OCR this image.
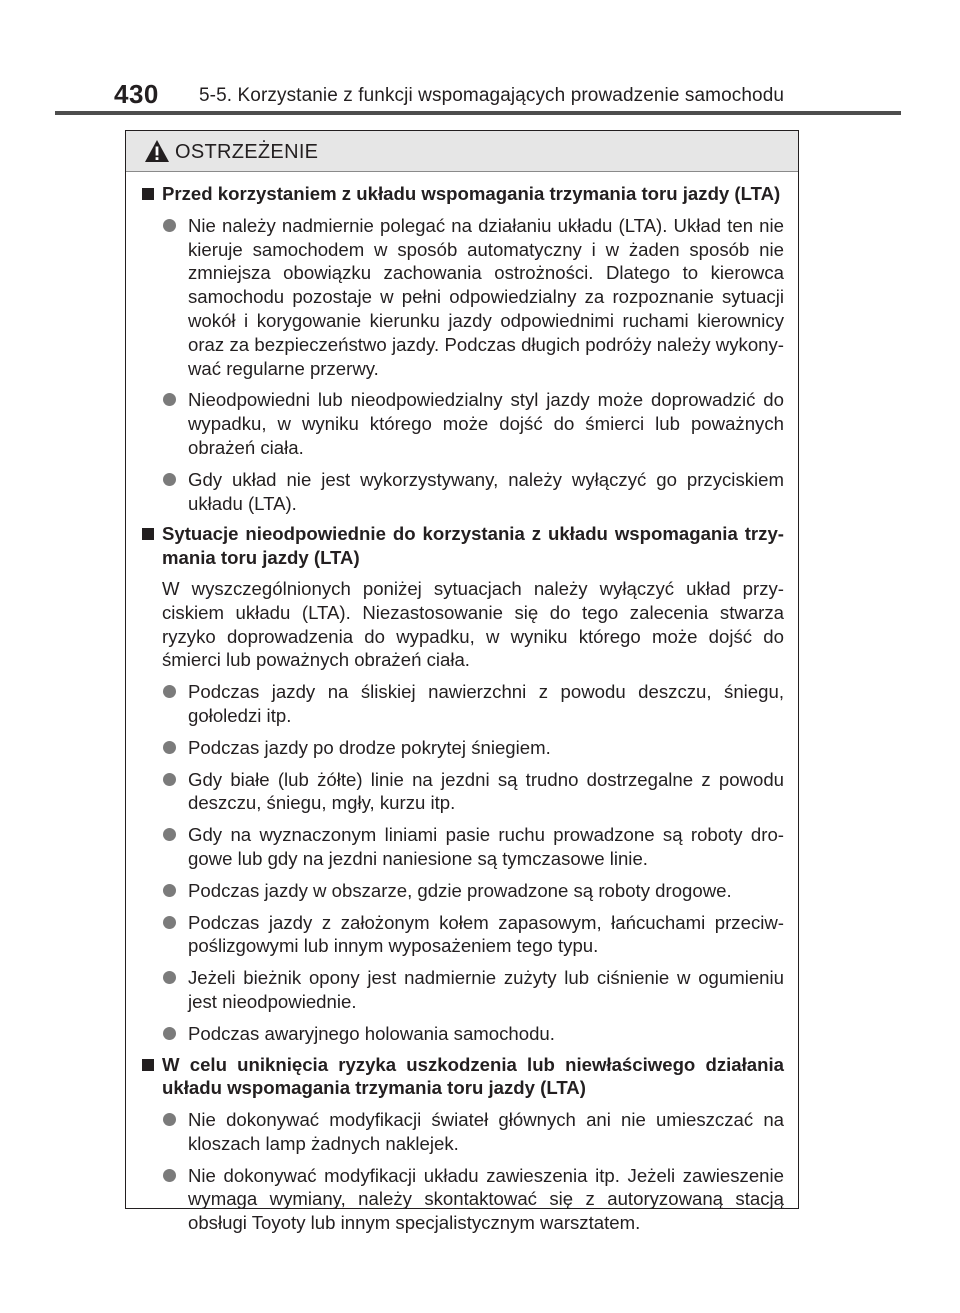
430 5-5. Korzystanie z funkcji wspomagających prowadzenie samochodu
OSTRZEŻENIE
Przed korzystaniem z układu wspomagania trzymania toru jazdy (LTA)
Nie należy nadmiernie polegać na działaniu układu (LTA). Układ ten nie kieruje samochodem w sposób automatyczny i w żaden sposób nie zmniejsza obowiązku zachowania ostrożności. Dlatego to kierowca samochodu pozostaje w pełni odpowiedzialny za rozpoznanie sytuacji wokół i korygowanie kierunku jazdy odpowiednimi ruchami kierownicy oraz za bezpieczeństwo jazdy. Podczas długich podróży należy wykony-wać regularne przerwy.
Nieodpowiedni lub nieodpowiedzialny styl jazdy może doprowadzić do wypadku, w wyniku którego może dojść do śmierci lub poważnych obrażeń ciała.
Gdy układ nie jest wykorzystywany, należy wyłączyć go przyciskiem układu (LTA).
Sytuacje nieodpowiednie do korzystania z układu wspomagania trzy-mania toru jazdy (LTA)
W wyszczególnionych poniżej sytuacjach należy wyłączyć układ przy-ciskiem układu (LTA). Niezastosowanie się do tego zalecenia stwarza ryzyko doprowadzenia do wypadku, w wyniku którego może dojść do śmierci lub poważnych obrażeń ciała.
Podczas jazdy na śliskiej nawierzchni z powodu deszczu, śniegu, gołoledzi itp.
Podczas jazdy po drodze pokrytej śniegiem.
Gdy białe (lub żółte) linie na jezdni są trudno dostrzegalne z powodu deszczu, śniegu, mgły, kurzu itp.
Gdy na wyznaczonym liniami pasie ruchu prowadzone są roboty dro-gowe lub gdy na jezdni naniesione są tymczasowe linie.
Podczas jazdy w obszarze, gdzie prowadzone są roboty drogowe.
Podczas jazdy z założonym kołem zapasowym, łańcuchami przeciw-poślizgowymi lub innym wyposażeniem tego typu.
Jeżeli bieżnik opony jest nadmiernie zużyty lub ciśnienie w ogumieniu jest nieodpowiednie.
Podczas awaryjnego holowania samochodu.
W celu uniknięcia ryzyka uszkodzenia lub niewłaściwego działania układu wspomagania trzymania toru jazdy (LTA)
Nie dokonywać modyfikacji świateł głównych ani nie umieszczać na kloszach lamp żadnych naklejek.
Nie dokonywać modyfikacji układu zawieszenia itp. Jeżeli zawieszenie wymaga wymiany, należy skontaktować się z autoryzowaną stacją obsługi Toyoty lub innym specjalistycznym warsztatem.
